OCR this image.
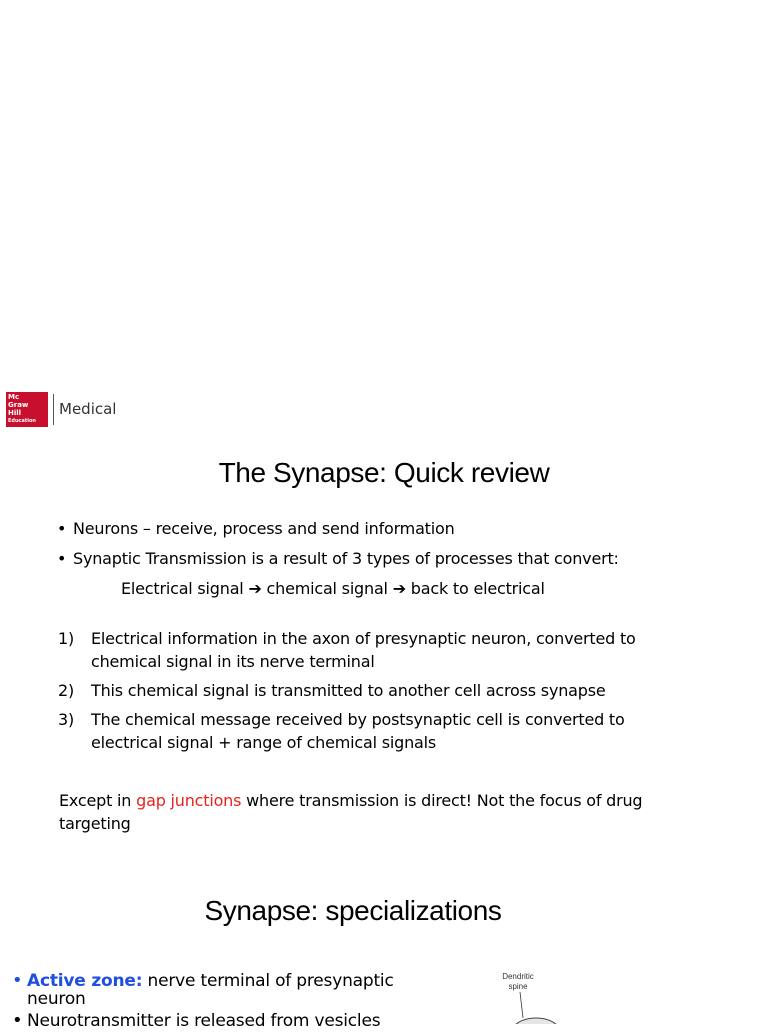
Mc
Graw
Hill
Education
Medical
The Synapse: Quick review
• Neurons – receive, process and send information
• Synaptic Transmission is a result of 3 types of processes that convert:
Electrical signal ➔ chemical signal ➔ back to electrical
1) Electrical information in the axon of presynaptic neuron, converted to
chemical signal in its nerve terminal
2) This chemical signal is transmitted to another cell across synapse
3) The chemical message received by postsynaptic cell is converted to
electrical signal + range of chemical signals
Except in gap junctions where transmission is direct! Not the focus of drug
targeting
Synapse: specializations
• Active zone: nerve terminal of presynaptic
neuron
• Neurotransmitter is released from vesicles
Dendritic
spine
